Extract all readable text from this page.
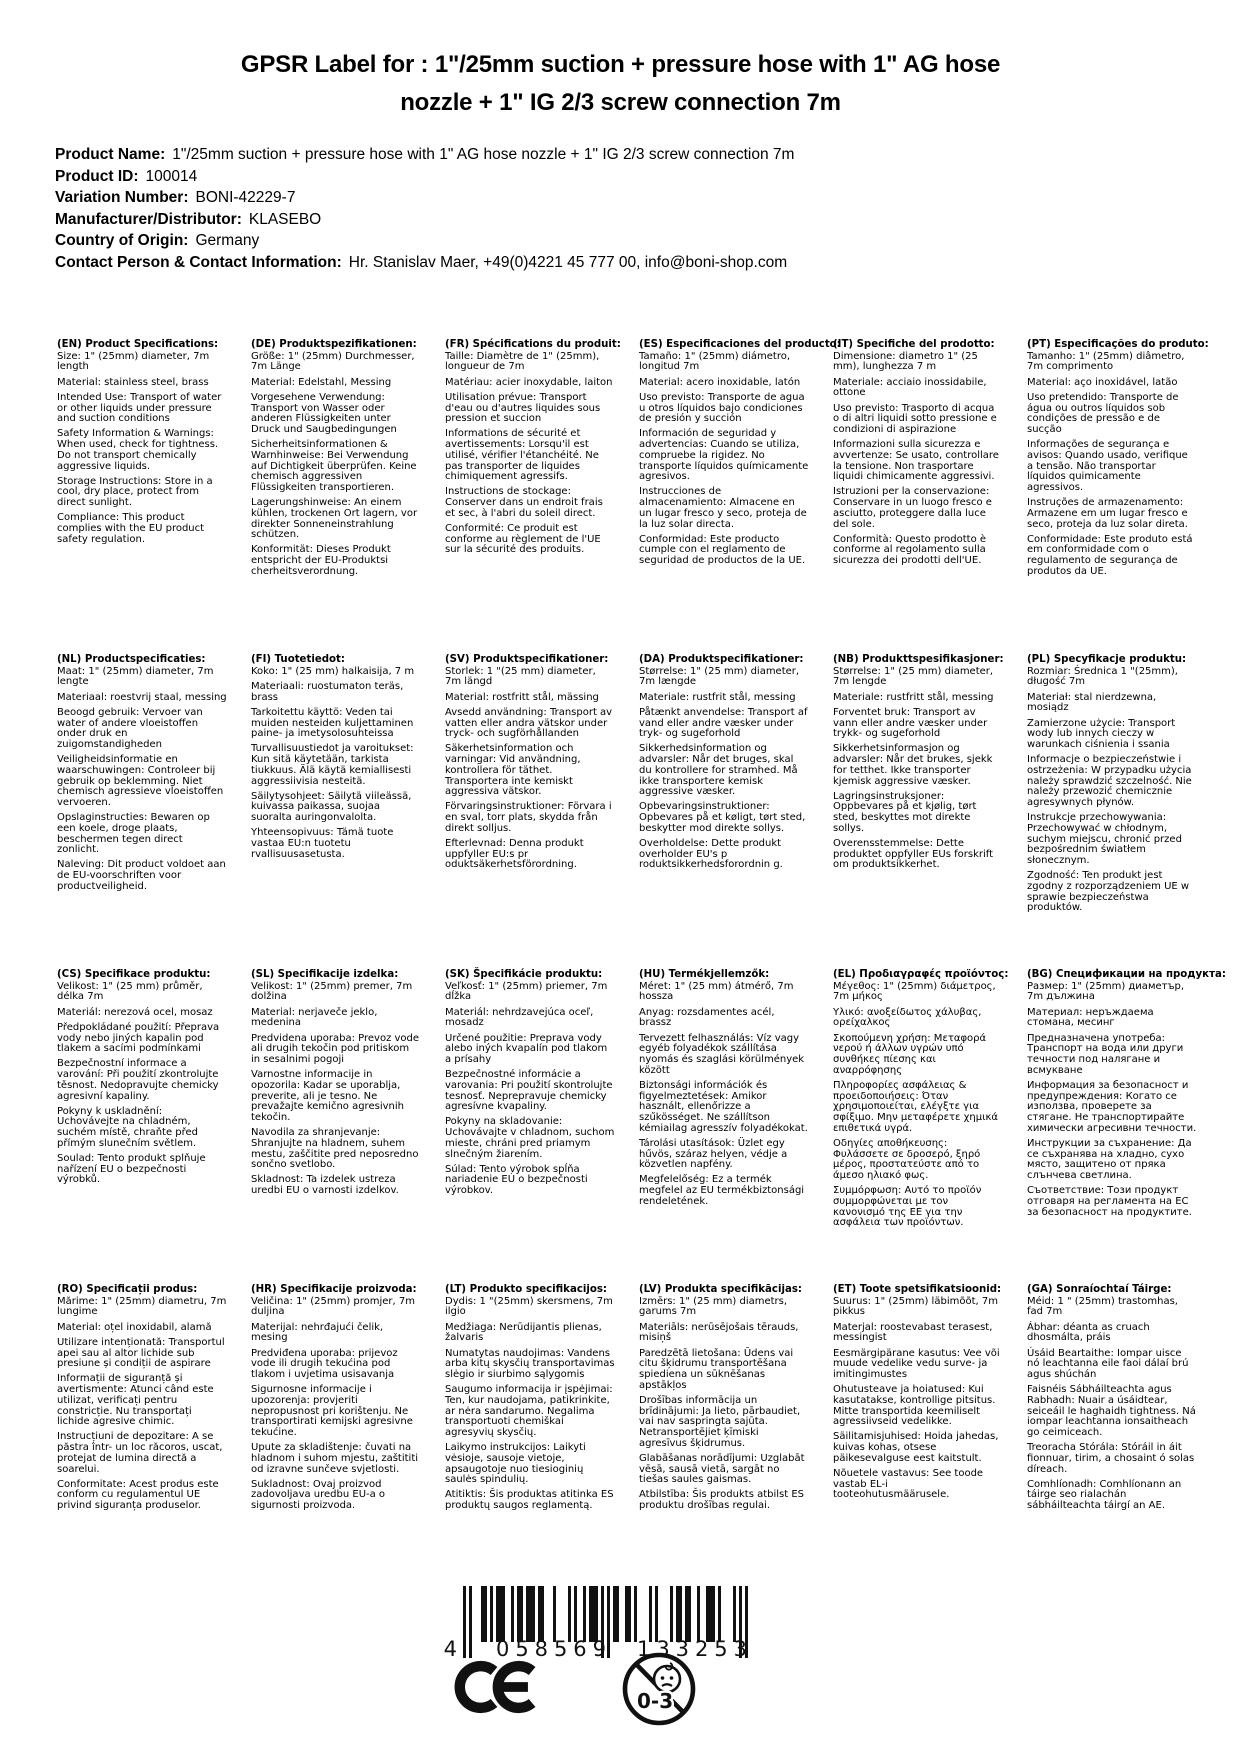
GPSR Label for : 1"/25mm suction + pressure hose with 1" AG hose
nozzle + 1" IG 2/3 screw connection 7m
Product Name: 1"/25mm suction + pressure hose with 1" AG hose nozzle + 1" IG 2/3 screw connection 7m
Product ID: 100014
Variation Number: BONI-42229-7
Manufacturer/Distributor: KLASEBO
Country of Origin: Germany
Contact Person & Contact Information: Hr. Stanislav Maer, +49(0)4221 45 777 00, info@boni-shop.com
(EN) Product Specifications:

Size: 1" (25mm) diameter, 7m length

Material: stainless steel, brass

Intended Use: Transport of water or other liquids under pressure and suction conditions

Safety Information & Warnings: When used, check for tightness. Do not transport chemically aggressive liquids.

Storage Instructions: Store in a cool, dry place, protect from direct sunlight.

Compliance: This product complies with the EU product safety regulation.

(DE) Produktspezifikationen:

Größe: 1" (25mm) Durchmesser, 7m Länge

Material: Edelstahl, Messing

Vorgesehene Verwendung: Transport von Wasser oder anderen Flüssigkeiten unter Druck und Saugbedingungen

Sicherheitsinformationen & Warnhinweise: Bei Verwendung auf Dichtigkeit überprüfen. Keine chemisch aggressiven Flüssigkeiten transportieren.

Lagerungshinweise: An einem kühlen, trockenen Ort lagern, vor direkter Sonneneinstrahlung schützen.

Konformität: Dieses Produkt entspricht der EU-Produktsi cherheitsverordnung.

(FR) Spécifications du produit:

Taille: Diamètre de 1" (25mm), longueur de 7m

Matériau: acier inoxydable, laiton

Utilisation prévue: Transport d'eau ou d'autres liquides sous pression et succion

Informations de sécurité et avertissements: Lorsqu'il est utilisé, vérifier l'étanchéité. Ne pas transporter de liquides chimiquement agressifs.

Instructions de stockage: Conserver dans un endroit frais et sec, à l'abri du soleil direct.

Conformité: Ce produit est conforme au règlement de l'UE sur la sécurité des produits.

(ES) Especificaciones del producto:

Tamaño: 1" (25mm) diámetro, longitud 7m

Material: acero inoxidable, latón

Uso previsto: Transporte de agua u otros líquidos bajo condiciones de presión y succión

Información de seguridad y advertencias: Cuando se utiliza, compruebe la rigidez. No transporte líquidos químicamente agresivos.

Instrucciones de almacenamiento: Almacene en un lugar fresco y seco, proteja de la luz solar directa.

Conformidad: Este producto cumple con el reglamento de seguridad de productos de la UE.

(IT) Specifiche del prodotto:

Dimensione: diametro 1" (25 mm), lunghezza 7 m

Materiale: acciaio inossidabile, ottone

Uso previsto: Trasporto di acqua o di altri liquidi sotto pressione e condizioni di aspirazione

Informazioni sulla sicurezza e avvertenze: Se usato, controllare la tensione. Non trasportare liquidi chimicamente aggressivi.

Istruzioni per la conservazione: Conservare in un luogo fresco e asciutto, proteggere dalla luce del sole.

Conformità: Questo prodotto è conforme al regolamento sulla sicurezza dei prodotti dell'UE.

(PT) Especificações do produto:

Tamanho: 1" (25mm) diâmetro, 7m comprimento

Material: aço inoxidável, latão

Uso pretendido: Transporte de água ou outros líquidos sob condições de pressão e de sucção

Informações de segurança e avisos: Quando usado, verifique a tensão. Não transportar líquidos quimicamente agressivos.

Instruções de armazenamento: Armazene em um lugar fresco e seco, proteja da luz solar direta.

Conformidade: Este produto está em conformidade com o regulamento de segurança de produtos da UE.

(NL) Productspecificaties:

Maat: 1" (25mm) diameter, 7m lengte

Materiaal: roestvrij staal, messing

Beoogd gebruik: Vervoer van water of andere vloeistoffen onder druk en zuigomstandigheden

Veiligheidsinformatie en waarschuwingen: Controleer bij gebruik op beklemming. Niet chemisch agressieve vloeistoffen vervoeren.

Opslaginstructies: Bewaren op een koele, droge plaats, beschermen tegen direct zonlicht.

Naleving: Dit product voldoet aan de EU-voorschriften voor productveiligheid.

(FI) Tuotetiedot:

Koko: 1" (25 mm) halkaisija, 7 m

Materiaali: ruostumaton teräs, brass

Tarkoitettu käyttö: Veden tai muiden nesteiden kuljettaminen paine- ja imetysolosuhteissa

Turvallisuustiedot ja varoitukset: Kun sitä käytetään, tarkista tiukkuus. Älä käytä kemiallisesti aggressiivisia nesteitä.

Säilytysohjeet: Säilytä viileässä, kuivassa paikassa, suojaa suoralta auringonvalolta.

Yhteensopivuus: Tämä tuote vastaa EU:n tuotetu rvallisuusasetusta.

(SV) Produktspecifikationer:

Storlek: 1 "(25 mm) diameter, 7m längd

Material: rostfritt stål, mässing

Avsedd användning: Transport av vatten eller andra vätskor under tryck- och sugförhållanden

Säkerhetsinformation och varningar: Vid användning, kontrollera för täthet. Transportera inte kemiskt aggressiva vätskor.

Förvaringsinstruktioner: Förvara i en sval, torr plats, skydda från direkt solljus.

Efterlevnad: Denna produkt uppfyller EU:s pr oduktsäkerhetsförordning.

(DA) Produktspecifikationer:

Størrelse: 1" (25 mm) diameter, 7m længde

Materiale: rustfrit stål, messing

Påtænkt anvendelse: Transport af vand eller andre væsker under tryk- og sugeforhold

Sikkerhedsinformation og advarsler: Når det bruges, skal du kontrollere for stramhed. Må ikke transportere kemisk aggressive væsker.

Opbevaringsinstruktioner: Opbevares på et køligt, tørt sted, beskytter mod direkte sollys.

Overholdelse: Dette produkt overholder EU's p roduktsikkerhedsforordnin g.

(NB) Produkttspesifikasjoner:

Størrelse: 1" (25 mm) diameter, 7m lengde

Materiale: rustfritt stål, messing

Forventet bruk: Transport av vann eller andre væsker under trykk- og sugeforhold

Sikkerhetsinformasjon og advarsler: Når det brukes, sjekk for tetthet. Ikke transporter kjemisk aggressive væsker.

Lagringsinstruksjoner: Oppbevares på et kjølig, tørt sted, beskyttes mot direkte sollys.

Overensstemmelse: Dette produktet oppfyller EUs forskrift om produktsikkerhet.

(PL) Specyfikacje produktu:

Rozmiar: Średnica 1 "(25mm), długość 7m

Materiał: stal nierdzewna, mosiądz

Zamierzone użycie: Transport wody lub innych cieczy w warunkach ciśnienia i ssania

Informacje o bezpieczeństwie i ostrzeżenia: W przypadku użycia należy sprawdzić szczelność. Nie należy przewozić chemicznie agresywnych płynów.

Instrukcje przechowywania: Przechowywać w chłodnym, suchym miejscu, chronić przed bezpośrednim światłem słonecznym.

Zgodność: Ten produkt jest zgodny z rozporządzeniem UE w sprawie bezpieczeństwa produktów.

(CS) Specifikace produktu:

Velikost: 1" (25 mm) průměr, délka 7m

Materiál: nerezová ocel, mosaz

Předpokládané použití: Přeprava vody nebo jiných kapalin pod tlakem a sacími podmínkami

Bezpečnostní informace a varování: Při použití zkontrolujte těsnost. Nedopravujte chemicky agresivní kapaliny.

Pokyny k uskladnění: Uchovávejte na chladném, suchém místě, chraňte před přímým slunečním světlem.

Soulad: Tento produkt splňuje nařízení EU o bezpečnosti výrobků.

(SL) Specifikacije izdelka:

Velikost: 1" (25mm) premer, 7m dolžina

Material: nerjaveče jeklo, medenina

Predvidena uporaba: Prevoz vode ali drugih tekočin pod pritiskom in sesalnimi pogoji

Varnostne informacije in opozorila: Kadar se uporablja, preverite, ali je tesno. Ne prevažajte kemično agresivnih tekočin.

Navodila za shranjevanje: Shranjujte na hladnem, suhem mestu, zaščitite pred neposredno sončno svetlobo.

Skladnost: Ta izdelek ustreza uredbi EU o varnosti izdelkov.

(SK) Špecifikácie produktu:

Veľkosť: 1" (25mm) priemer, 7m dĺžka

Materiál: nehrdzavejúca oceľ, mosadz

Určené použitie: Preprava vody alebo iných kvapalín pod tlakom a prísahy

Bezpečnostné informácie a varovania: Pri použití skontrolujte tesnosť. Neprepravuje chemicky agresívne kvapaliny.

Pokyny na skladovanie: Uchovávajte v chladnom, suchom mieste, chráni pred priamym slnečným žiarením.

Súlad: Tento výrobok spĺňa nariadenie EÚ o bezpečnosti výrobkov.

(HU) Termékjellemzők:

Méret: 1" (25 mm) átmérő, 7m hossza

Anyag: rozsdamentes acél, brassz

Tervezett felhasználás: Víz vagy egyéb folyadékok szállítása nyomás és szaglási körülmények között

Biztonsági információk és figyelmeztetések: Amikor használt, ellenőrizze a szűkösséget. Ne szállítson kémiailag agresszív folyadékokat.

Tárolási utasítások: Üzlet egy hűvös, száraz helyen, védje a közvetlen napfény.

Megfelelőség: Ez a termék megfelel az EU termékbiztonsági rendeletének.

(EL) Προδιαγραφές προϊόντος:

Μέγεθος: 1" (25mm) διάμετρος, 7m μήκος

Υλικό: ανοξείδωτος χάλυβας, ορείχαλκος

Σκοπούμενη χρήση: Μεταφορά νερού ή άλλων υγρών υπό συνθήκες πίεσης και αναρρόφησης

Πληροφορίες ασφάλειας & προειδοποιήσεις: Όταν χρησιμοποιείται, ελέγξτε για σφίξιμο. Μην μεταφέρετε χημικά επιθετικά υγρά.

Οδηγίες αποθήκευσης: Φυλάσσετε σε δροσερό, ξηρό μέρος, προστατεύστε από το άμεσο ηλιακό φως.

Συμμόρφωση: Αυτό το προϊόν συμμορφώνεται με τον κανονισμό της ΕΕ για την ασφάλεια των προϊόντων.

(BG) Спецификации на продукта:

Размер: 1" (25mm) диаметър, 7m дължина

Материал: неръждаема стомана, месинг

Предназначена употреба: Транспорт на вода или други течности под налягане и всмукване

Информация за безопасност и предупреждения: Когато се използва, проверете за стягане. Не транспортирайте химически агресивни течности.

Инструкции за съхранение: Да се съхранява на хладно, сухо място, защитено от пряка слънчева светлина.

Съответствие: Този продукт отговаря на регламента на ЕС за безопасност на продуктите.

(RO) Specificații produs:

Mărime: 1" (25mm) diametru, 7m lungime

Material: oțel inoxidabil, alamă

Utilizare intenționată: Transportul apei sau al altor lichide sub presiune și condiții de aspirare

Informații de siguranță și avertismente: Atunci când este utilizat, verificați pentru constricție. Nu transportați lichide agresive chimic.

Instrucțiuni de depozitare: A se păstra într- un loc răcoros, uscat, protejat de lumina directă a soarelui.

Conformitate: Acest produs este conform cu regulamentul UE privind siguranța produselor.

(HR) Specifikacije proizvoda:

Veličina: 1" (25mm) promjer, 7m duljina

Materijal: nehrđajući čelik, mesing

Predviđena uporaba: prijevoz vode ili drugih tekućina pod tlakom i uvjetima usisavanja

Sigurnosne informacije i upozorenja: provjeriti nepropusnost pri korištenju. Ne transportirati kemijski agresivne tekućine.

Upute za skladištenje: čuvati na hladnom i suhom mjestu, zaštititi od izravne sunčeve svjetlosti.

Sukladnost: Ovaj proizvod zadovoljava uredbu EU-a o sigurnosti proizvoda.

(LT) Produkto specifikacijos:

Dydis: 1 "(25mm) skersmens, 7m ilgio

Medžiaga: Nerūdijantis plienas, žalvaris

Numatytas naudojimas: Vandens arba kitų skysčių transportavimas slėgio ir siurbimo sąlygomis

Saugumo informacija ir įspėjimai: Ten, kur naudojama, patikrinkite, ar nėra sandarumo. Negalima transportuoti chemiškai agresyvių skysčių.

Laikymo instrukcijos: Laikyti vėsioje, sausoje vietoje, apsaugotoje nuo tiesioginių saulės spindulių.

Atitiktis: Šis produktas atitinka ES produktų saugos reglamentą.

(LV) Produkta specifikācijas:

Izmērs: 1" (25 mm) diametrs, garums 7m

Materiāls: nerūsējošais tērauds, misiņš

Paredzētā lietošana: Ūdens vai citu šķidrumu transportēšana spiediena un sūknēšanas apstākļos

Drošības informācija un brīdinājumi: Ja lieto, pārbaudiet, vai nav saspringta sajūta. Netransportējiet ķīmiski agresīvus šķidrumus.

Glabāšanas norādījumi: Uzglabāt vēsā, sausā vietā, sargāt no tiešas saules gaismas.

Atbilstība: Šis produkts atbilst ES produktu drošības regulai.

(ET) Toote spetsifikatsioonid:

Suurus: 1" (25mm) läbimõõt, 7m pikkus

Materjal: roostevabast terasest, messingist

Eesmärgipärane kasutus: Vee või muude vedelike vedu surve- ja imitingimustes

Ohutusteave ja hoiatused: Kui kasutatakse, kontrollige pitsitus. Mitte transportida keemiliselt agressiivseid vedelikke.

Säilitamisjuhised: Hoida jahedas, kuivas kohas, otsese päikesevalguse eest kaitstult.

Nõuetele vastavus: See toode vastab EL-i tooteohutusmäärusele.

(GA) Sonraíochtaí Táirge:

Méid: 1 " (25mm) trastomhas, fad 7m

Ábhar: déanta as cruach dhosmálta, práis

Úsáid Beartaithe: Iompar uisce nó leachtanna eile faoi dálaí brú agus shúchán

Faisnéis Sábháilteachta agus Rabhadh: Nuair a úsáidtear, seiceáil le haghaidh tightness. Ná iompar leachtanna ionsaitheach go ceimiceach.

Treoracha Stórála: Stóráil in áit fionnuar, tirim, a chosaint ó solas díreach.

Comhlíonadh: Comhlíonann an táirge seo rialachán sábháilteachta táirgí an AE.

4 058569 133253
0-3
